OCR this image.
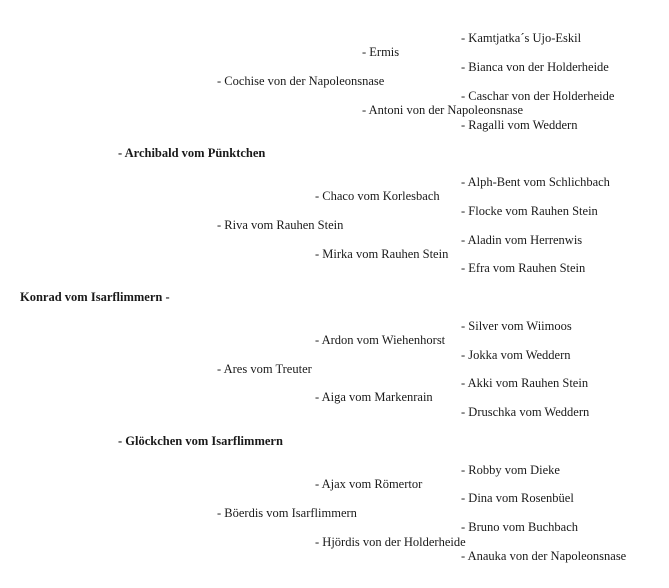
- Kamtjatka´s Ujo-Eskil
- Bianca von der Holderheide
- Caschar von der Holderheide
- Ragalli vom Weddern
- Alph-Bent vom Schlichbach
- Flocke vom Rauhen Stein
- Aladin vom Herrenwis
- Efra vom Rauhen Stein
- Silver vom Wiimoos
- Jokka vom Weddern
- Akki vom Rauhen Stein
- Druschka vom Weddern
- Robby vom Dieke
- Dina vom Rosenbüel
- Bruno vom Buchbach
- Anauka von der Napoleonsnase
- Ermis
- Antoni von der Napoleonsnase
- Chaco vom Korlesbach
- Mirka vom Rauhen Stein
- Ardon vom Wiehenhorst
- Aiga vom Markenrain
- Ajax vom Römertor
- Hjördis von der Holderheide
- Cochise von der Napoleonsnase
- Riva vom Rauhen Stein
- Ares vom Treuter
- Böerdis vom Isarflimmern
- Archibald vom Pünktchen
- Glöckchen vom Isarflimmern
Konrad vom Isarflimmern -
